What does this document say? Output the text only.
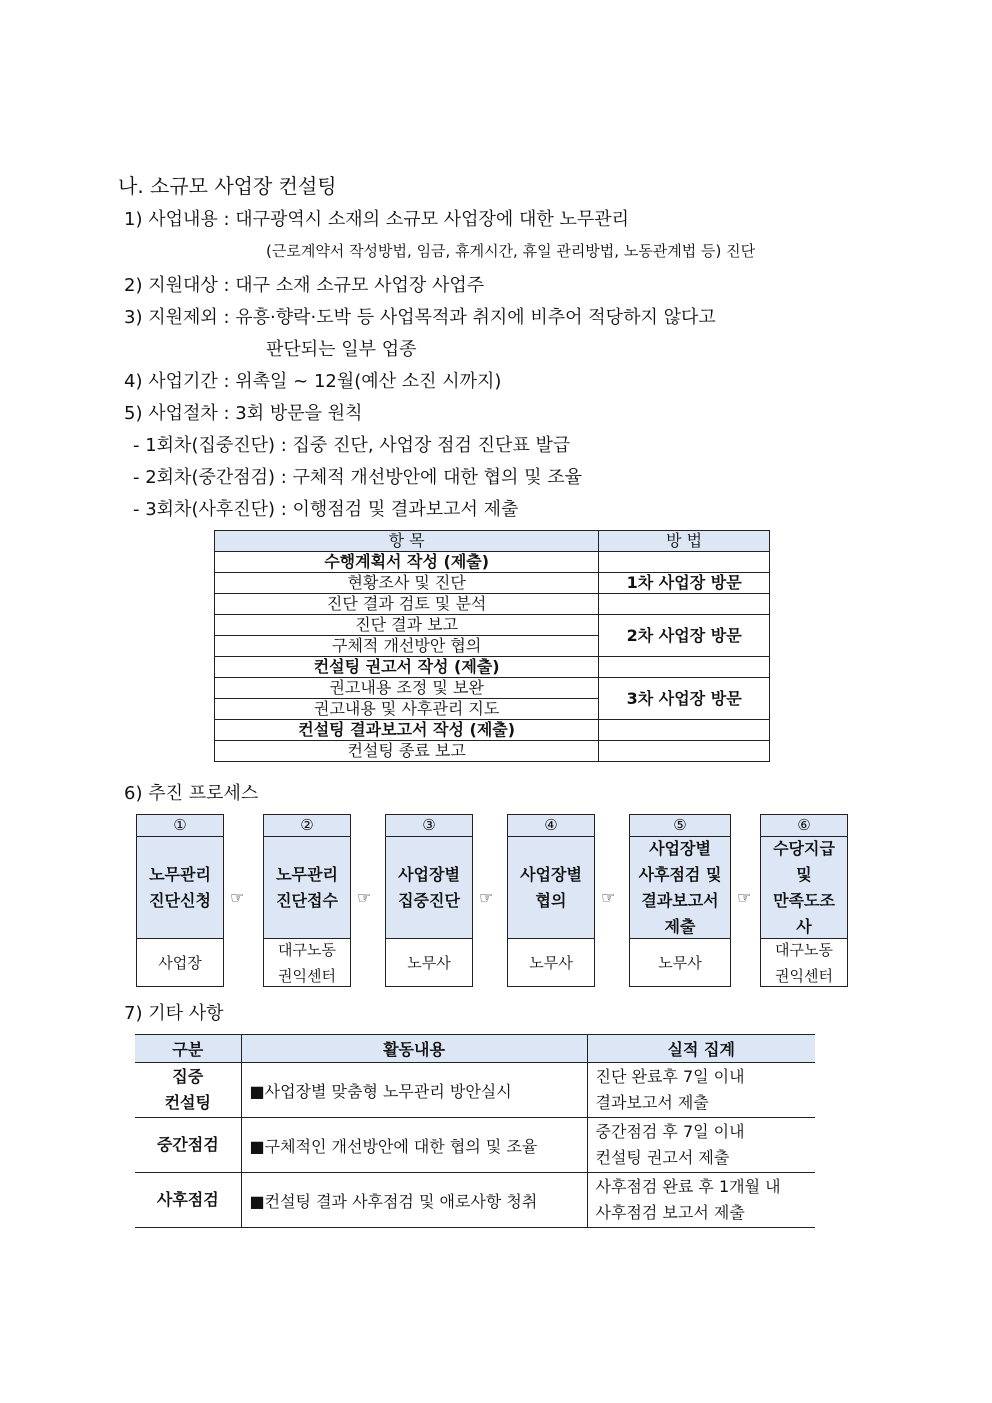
나. 소규모 사업장 컨설팅
1) 사업내용 : 대구광역시 소재의 소규모 사업장에 대한 노무관리
(근로계약서 작성방법, 임금, 휴게시간, 휴일 관리방법, 노동관계법 등) 진단
2) 지원대상 : 대구 소재 소규모 사업장 사업주
3) 지원제외 : 유흥·향락·도박 등 사업목적과 취지에 비추어 적당하지 않다고
판단되는 일부 업종
4) 사업기간 : 위촉일 ~ 12월(예산 소진 시까지)
5) 사업절차 : 3회 방문을 원칙
- 1회차(집중진단) : 집중 진단, 사업장 점검 진단표 발급
- 2회차(중간점검) : 구체적 개선방안에 대한 협의 및 조율
- 3회차(사후진단) : 이행점검 및 결과보고서 제출
항 목	방 법
수행계획서 작성 (제출)	
현황조사 및 진단	1차 사업장 방문
진단 결과 검토 및 분석	
진단 결과 보고	2차 사업장 방문
구체적 개선방안 협의	
컨설팅 권고서 작성 (제출)	
권고내용 조정 및 보완	3차 사업장 방문
권고내용 및 사후관리 지도	
컨설팅 결과보고서 작성 (제출)	
컨설팅 종료 보고	
6) 추진 프로세스
①
노무관리
진단신청
사업장
☞
②
노무관리
진단접수
대구노동
권익센터
☞
③
사업장별
집중진단
노무사
☞
④
사업장별
협의
노무사
☞
⑤
사업장별
사후점검 및
결과보고서
제출
노무사
☞
⑥
수당지급
및
만족도조
사
대구노동
권익센터
7) 기타 사항
구분	활동내용	실적 집계
집중
컨설팅	■사업장별 맞춤형 노무관리 방안실시	진단 완료후 7일 이내
결과보고서 제출
중간점검	■구체적인 개선방안에 대한 협의 및 조율	중간점검 후 7일 이내
컨설팅 권고서 제출
사후점검	■컨설팅 결과 사후점검 및 애로사항 청취	사후점검 완료 후 1개월 내
사후점검 보고서 제출
